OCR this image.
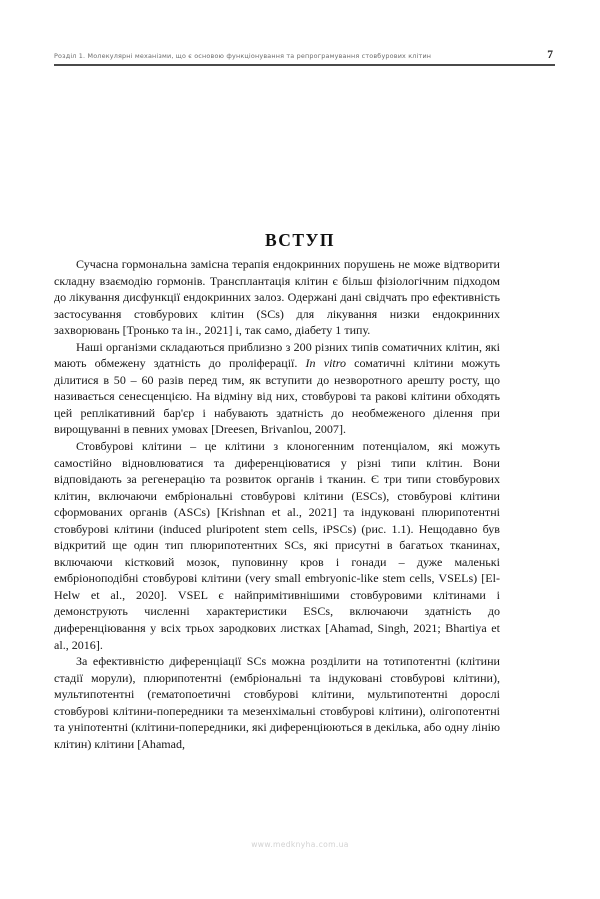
Розділ 1. Молекулярні механізми, що є основою функціонування та репрограмування стовбурових клітин	7
ВСТУП

Сучасна гормональна замісна терапія ендокринних порушень не може відтворити складну взаємодію гормонів. Трансплантація клітин є більш фізіологічним підходом до лікування дисфункції ендокринних залоз. Одержані дані свідчать про ефективність застосування стовбурових клітин (SCs) для лікування низки ендокринних захворювань [Тронько та ін., 2021] і, так само, діабету 1 типу.

Наші організми складаються приблизно з 200 різних типів соматичних клітин, які мають обмежену здатність до проліферації. In vitro соматичні клітини можуть ділитися в 50 – 60 разів перед тим, як вступити до незворотного арешту росту, що називається сенесценцією. На відміну від них, стовбурові та ракові клітини обходять цей реплікативний бар'єр і набувають здатність до необмеженого ділення при вирощуванні в певних умовах [Dreesen, Brivanlou, 2007].

Стовбурові клітини – це клітини з клоногенним потенціалом, які можуть самостійно відновлюватися та диференціюватися у різні типи клітин. Вони відповідають за регенерацію та розвиток органів і тканин. Є три типи стовбурових клітин, включаючи ембріональні стовбурові клітини (ESCs), стовбурові клітини сформованих органів (ASCs) [Krishnan et al., 2021] та індуковані плюрипотентні стовбурові клітини (induced pluripotent stem cells, iPSCs) (рис. 1.1). Нещодавно був відкритий ще один тип плюрипотентних SCs, які присутні в багатьох тканинах, включаючи кістковий мозок, пуповинну кров і гонади – дуже маленькі ембріоноподібні стовбурові клітини (very small embryonic-like stem cells, VSELs) [El-Helw et al., 2020]. VSEL є найпримітивнішими стовбуровими клітинами і демонструють численні характеристики ESCs, включаючи здатність до диференціювання у всіх трьох зародкових листках [Ahamad, Singh, 2021; Bhartiya et al., 2016].

За ефективністю диференціації SCs можна розділити на тотипотентні (клітини стадії морули), плюрипотентні (ембріональні та індуковані стовбурові клітини), мультипотентні (гематопоетичні стовбурові клітини, мультипотентні дорослі стовбурові клітини-попередники та мезенхімальні стовбурові клітини), олігопотентні та уніпотентні (клітини-попередники, які диференціюються в декілька, або одну лінію клітин) клітини [Ahamad,

www.medknyha.com.ua
